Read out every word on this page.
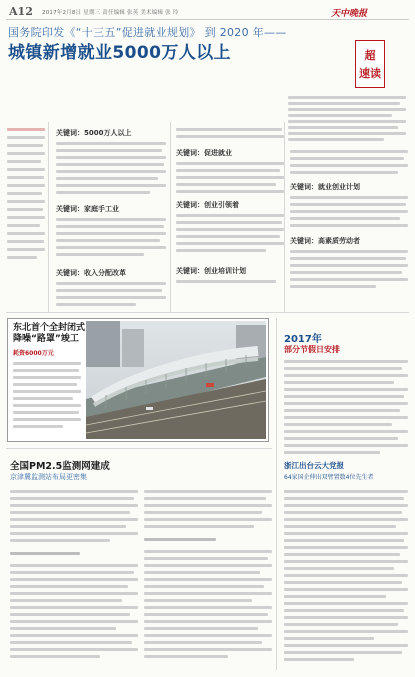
A12 2017年2月8日 星期三 责任编辑 张英 美术编辑 张 玲	天中晚报
国务院印发《“十三五”促进就业规划》 到 2020 年——
城镇新增就业5000万人以上	超
速读
关键词：5000万人以上
关键词：家庭手工业
关键词：收入分配改革
关键词：促进就业
关键词：创业引领着
关键词：创业培训计划
关键词：就业创业计划
关键词：高素质劳动者
东北首个全封闭式降噪“路罩”竣工
耗资6000万元
2017年
部分节假日安排
浙江出台云大党报
64家国企伸出双臂置数4位先生者
全国PM2.5监测网建成
京津冀监测站布局更密集
